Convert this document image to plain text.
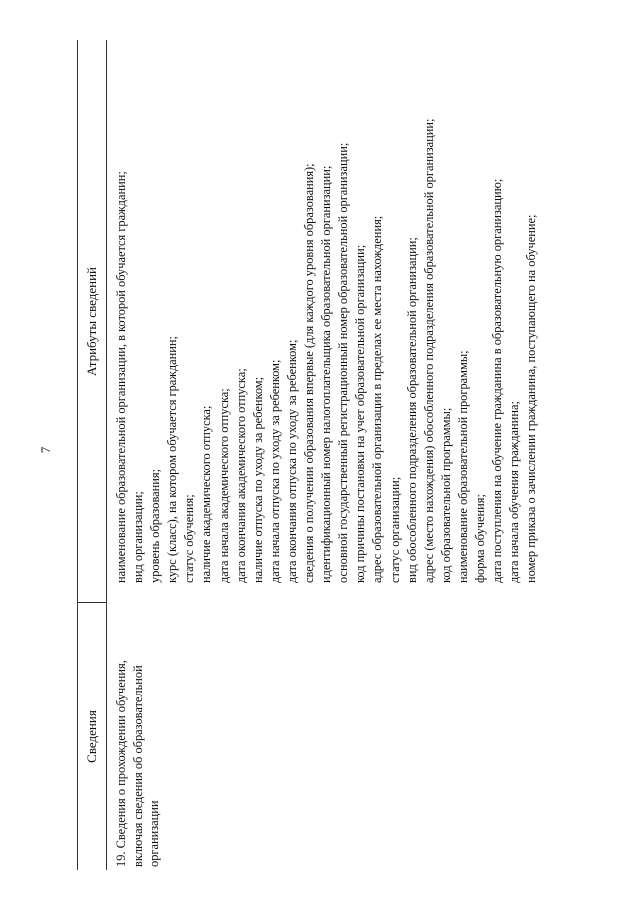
7
Сведения
Атрибуты сведений
19. Сведения о прохождении обучения, включая сведения об образовательной организации
наименование образовательной организации, в которой обучается гражданин; вид организации; уровень образования; курс (класс), на котором обучается гражданин; статус обучения; наличие академического отпуска; дата начала академического отпуска; дата окончания академического отпуска; наличие отпуска по уходу за ребенком; дата начала отпуска по уходу за ребенком; дата окончания отпуска по уходу за ребенком; сведения о получении образования впервые (для каждого уровня образования); идентификационный номер налогоплательщика образовательной организации; основной государственный регистрационный номер образовательной организации; код причины постановки на учет образовательной организации; адрес образовательной организации в пределах ее места нахождения; статус организации; вид обособленного подразделения образовательной организации; адрес (место нахождения) обособленного подразделения образовательной организации; код образовательной программы; наименование образовательной программы; форма обучения; дата поступления на обучение гражданина в образовательную организацию; дата начала обучения гражданина; номер приказа о зачислении гражданина, поступающего на обучение;
